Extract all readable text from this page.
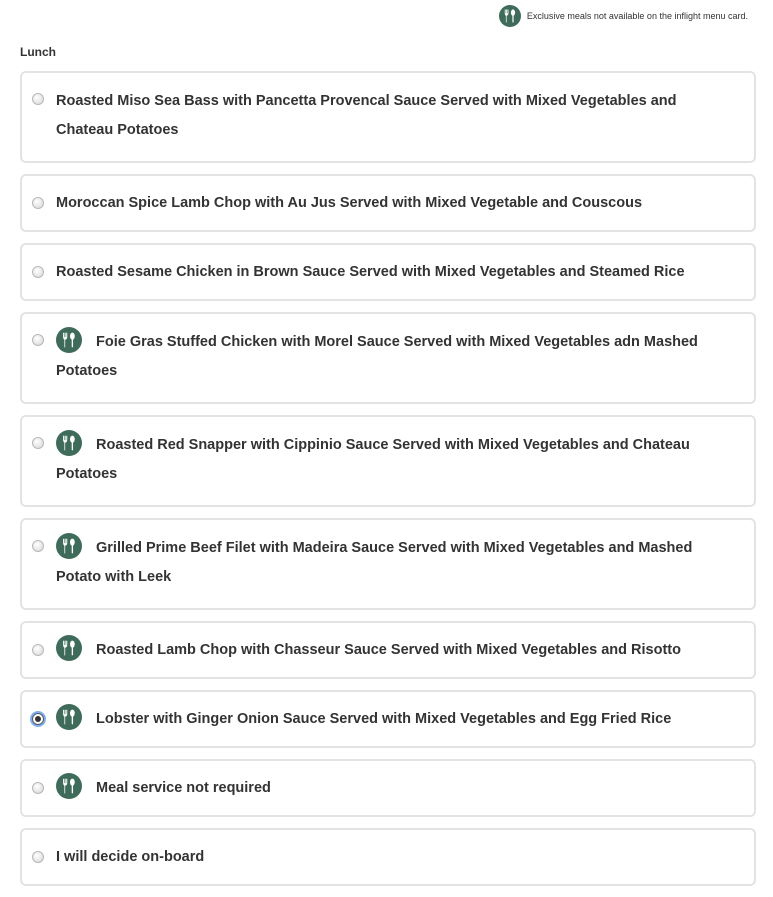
Exclusive meals not available on the inflight menu card.
Lunch
Roasted Miso Sea Bass with Pancetta Provencal Sauce Served with Mixed Vegetables and Chateau Potatoes
Moroccan Spice Lamb Chop with Au Jus Served with Mixed Vegetable and Couscous
Roasted Sesame Chicken in Brown Sauce Served with Mixed Vegetables and Steamed Rice
Foie Gras Stuffed Chicken with Morel Sauce Served with Mixed Vegetables adn Mashed Potatoes
Roasted Red Snapper with Cippinio Sauce Served with Mixed Vegetables and Chateau Potatoes
Grilled Prime Beef Filet with Madeira Sauce Served with Mixed Vegetables and Mashed Potato with Leek
Roasted Lamb Chop with Chasseur Sauce Served with Mixed Vegetables and Risotto
Lobster with Ginger Onion Sauce Served with Mixed Vegetables and Egg Fried Rice
Meal service not required
I will decide on-board
